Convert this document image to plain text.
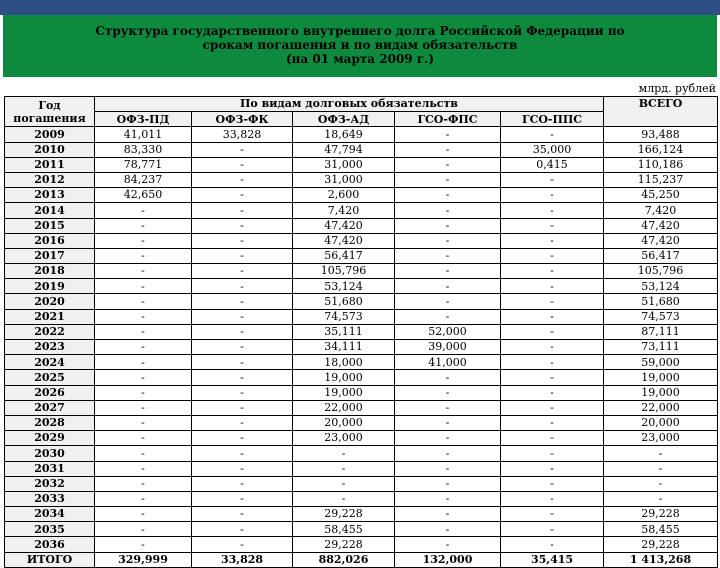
Структура государственного внутреннего долга Российской Федерации по
срокам погашения и по видам обязательств
(на 01 марта 2009 г.)
млрд. рублей
Год погашения	По видам долговых обязательств					ВСЕГО
	ОФЗ-ПД	ОФЗ-ФК	ОФЗ-АД	ГСО-ФПС	ГСО-ППС	
2009	41,011	33,828	18,649	-	-	93,488
2010	83,330	-	47,794	-	35,000	166,124
2011	78,771	-	31,000	-	0,415	110,186
2012	84,237	-	31,000	-	-	115,237
2013	42,650	-	2,600	-	-	45,250
2014	-	-	7,420	-	-	7,420
2015	-	-	47,420	-	-	47,420
2016	-	-	47,420	-	-	47,420
2017	-	-	56,417	-	-	56,417
2018	-	-	105,796	-	-	105,796
2019	-	-	53,124	-	-	53,124
2020	-	-	51,680	-	-	51,680
2021	-	-	74,573	-	-	74,573
2022	-	-	35,111	52,000	-	87,111
2023	-	-	34,111	39,000	-	73,111
2024	-	-	18,000	41,000	-	59,000
2025	-	-	19,000	-	-	19,000
2026	-	-	19,000	-	-	19,000
2027	-	-	22,000	-	-	22,000
2028	-	-	20,000	-	-	20,000
2029	-	-	23,000	-	-	23,000
2030	-	-	-	-	-	-
2031	-	-	-	-	-	-
2032	-	-	-	-	-	-
2033	-	-	-	-	-	-
2034	-	-	29,228	-	-	29,228
2035	-	-	58,455	-	-	58,455
2036	-	-	29,228	-	-	29,228
ИТОГО	329,999	33,828	882,026	132,000	35,415	1 413,268
